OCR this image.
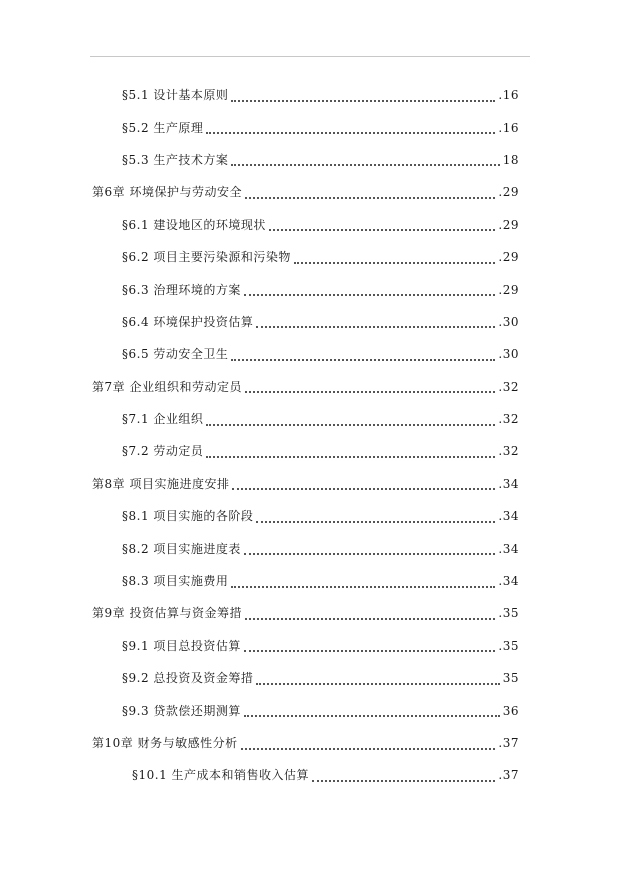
§5.1 设计基本原则	.16
§5.2 生产原理	.16
§5.3 生产技术方案	18
第6章 环境保护与劳动安全	.29
§6.1 建设地区的环境现状	.29
§6.2 项目主要污染源和污染物	.29
§6.3 治理环境的方案	.29
§6.4 环境保护投资估算	.30
§6.5 劳动安全卫生	.30
第7章 企业组织和劳动定员	.32
§7.1 企业组织	.32
§7.2 劳动定员	.32
第8章 项目实施进度安排	.34
§8.1 项目实施的各阶段	.34
§8.2 项目实施进度表	.34
§8.3 项目实施费用	.34
第9章 投资估算与资金筹措	.35
§9.1 项目总投资估算	.35
§9.2 总投资及资金筹措	35
§9.3 贷款偿还期测算	36
第10章 财务与敏感性分析	.37
§10.1 生产成本和销售收入估算	.37
